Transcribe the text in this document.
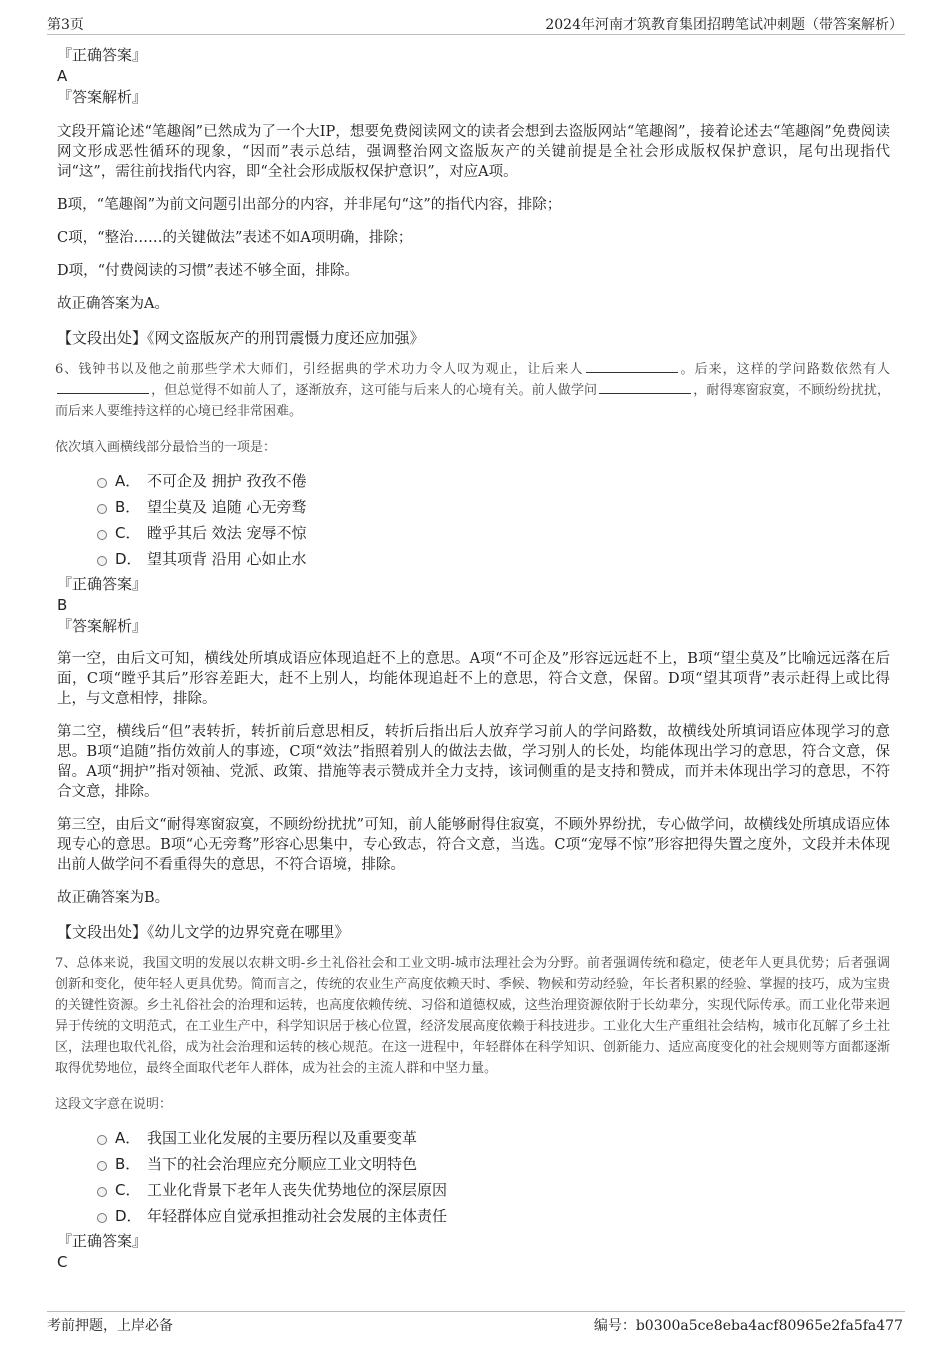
第3页	2024年河南才筑教育集团招聘笔试冲刺题（带答案解析）
『正确答案』
A
『答案解析』

文段开篇论述“笔趣阁”已然成为了一个大IP，想要免费阅读网文的读者会想到去盗版网站“笔趣阁”，接着论述去“笔趣阁”免费阅读网文形成恶性循环的现象，“因而”表示总结，强调整治网文盗版灰产的关键前提是全社会形成版权保护意识，尾句出现指代词“这”，需往前找指代内容，即“全社会形成版权保护意识”，对应A项。

B项，“笔趣阁”为前文问题引出部分的内容，并非尾句“这”的指代内容，排除；

C项，“整治……的关键做法”表述不如A项明确，排除；

D项，“付费阅读的习惯”表述不够全面，排除。

故正确答案为A。

【文段出处】《网文盗版灰产的刑罚震慑力度还应加强》

6、钱钟书以及他之前那些学术大师们，引经据典的学术功力令人叹为观止，让后来人	。后来，这样的学问路数依然有人，但总觉得不如前人了，逐渐放弃，这可能与后来人的心境有关。前人做学问	，耐得寒窗寂寞，不顾纷纷扰扰，而后来人要维持这样的心境已经非常困难。

依次填入画横线部分最恰当的一项是：
A． 不可企及 拥护 孜孜不倦
B． 望尘莫及 追随 心无旁骛
C． 瞠乎其后 效法 宠辱不惊
D． 望其项背 沿用 心如止水
『正确答案』
B
『答案解析』

第一空，由后文可知，横线处所填成语应体现追赶不上的意思。A项“不可企及”形容远远赶不上，B项“望尘莫及”比喻远远落在后面，C项“瞠乎其后”形容差距大，赶不上别人，均能体现追赶不上的意思，符合文意，保留。D项“望其项背”表示赶得上或比得上，与文意相悖，排除。

第二空，横线后“但”表转折，转折前后意思相反，转折后指出后人放弃学习前人的学问路数，故横线处所填词语应体现学习的意思。B项“追随”指仿效前人的事迹，C项“效法”指照着别人的做法去做，学习别人的长处，均能体现出学习的意思，符合文意，保留。A项“拥护”指对领袖、党派、政策、措施等表示赞成并全力支持，该词侧重的是支持和赞成，而并未体现出学习的意思，不符合文意，排除。

第三空，由后文“耐得寒窗寂寞，不顾纷纷扰扰”可知，前人能够耐得住寂寞，不顾外界纷扰，专心做学问，故横线处所填成语应体现专心的意思。B项“心无旁骛”形容心思集中，专心致志，符合文意，当选。C项“宠辱不惊”形容把得失置之度外，文段并未体现出前人做学问不看重得失的意思，不符合语境，排除。

故正确答案为B。

【文段出处】《幼儿文学的边界究竟在哪里》

7、总体来说，我国文明的发展以农耕文明-乡土礼俗社会和工业文明-城市法理社会为分野。前者强调传统和稳定，使老年人更具优势；后者强调创新和变化，使年轻人更具优势。简而言之，传统的农业生产高度依赖天时、季候、物候和劳动经验，年长者积累的经验、掌握的技巧，成为宝贵的关键性资源。乡土礼俗社会的治理和运转，也高度依赖传统、习俗和道德权威，这些治理资源依附于长幼辈分，实现代际传承。而工业化带来迥异于传统的文明范式，在工业生产中，科学知识居于核心位置，经济发展高度依赖于科技进步。工业化大生产重组社会结构，城市化瓦解了乡土社区，法理也取代礼俗，成为社会治理和运转的核心规范。在这一进程中，年轻群体在科学知识、创新能力、适应高度变化的社会规则等方面都逐渐取得优势地位，最终全面取代老年人群体，成为社会的主流人群和中坚力量。

这段文字意在说明：
A． 我国工业化发展的主要历程以及重要变革
B． 当下的社会治理应充分顺应工业文明特色
C． 工业化背景下老年人丧失优势地位的深层原因
D． 年轻群体应自觉承担推动社会发展的主体责任
『正确答案』
C
考前押题，上岸必备	编号：b0300a5ce8eba4acf80965e2fa5fa477
